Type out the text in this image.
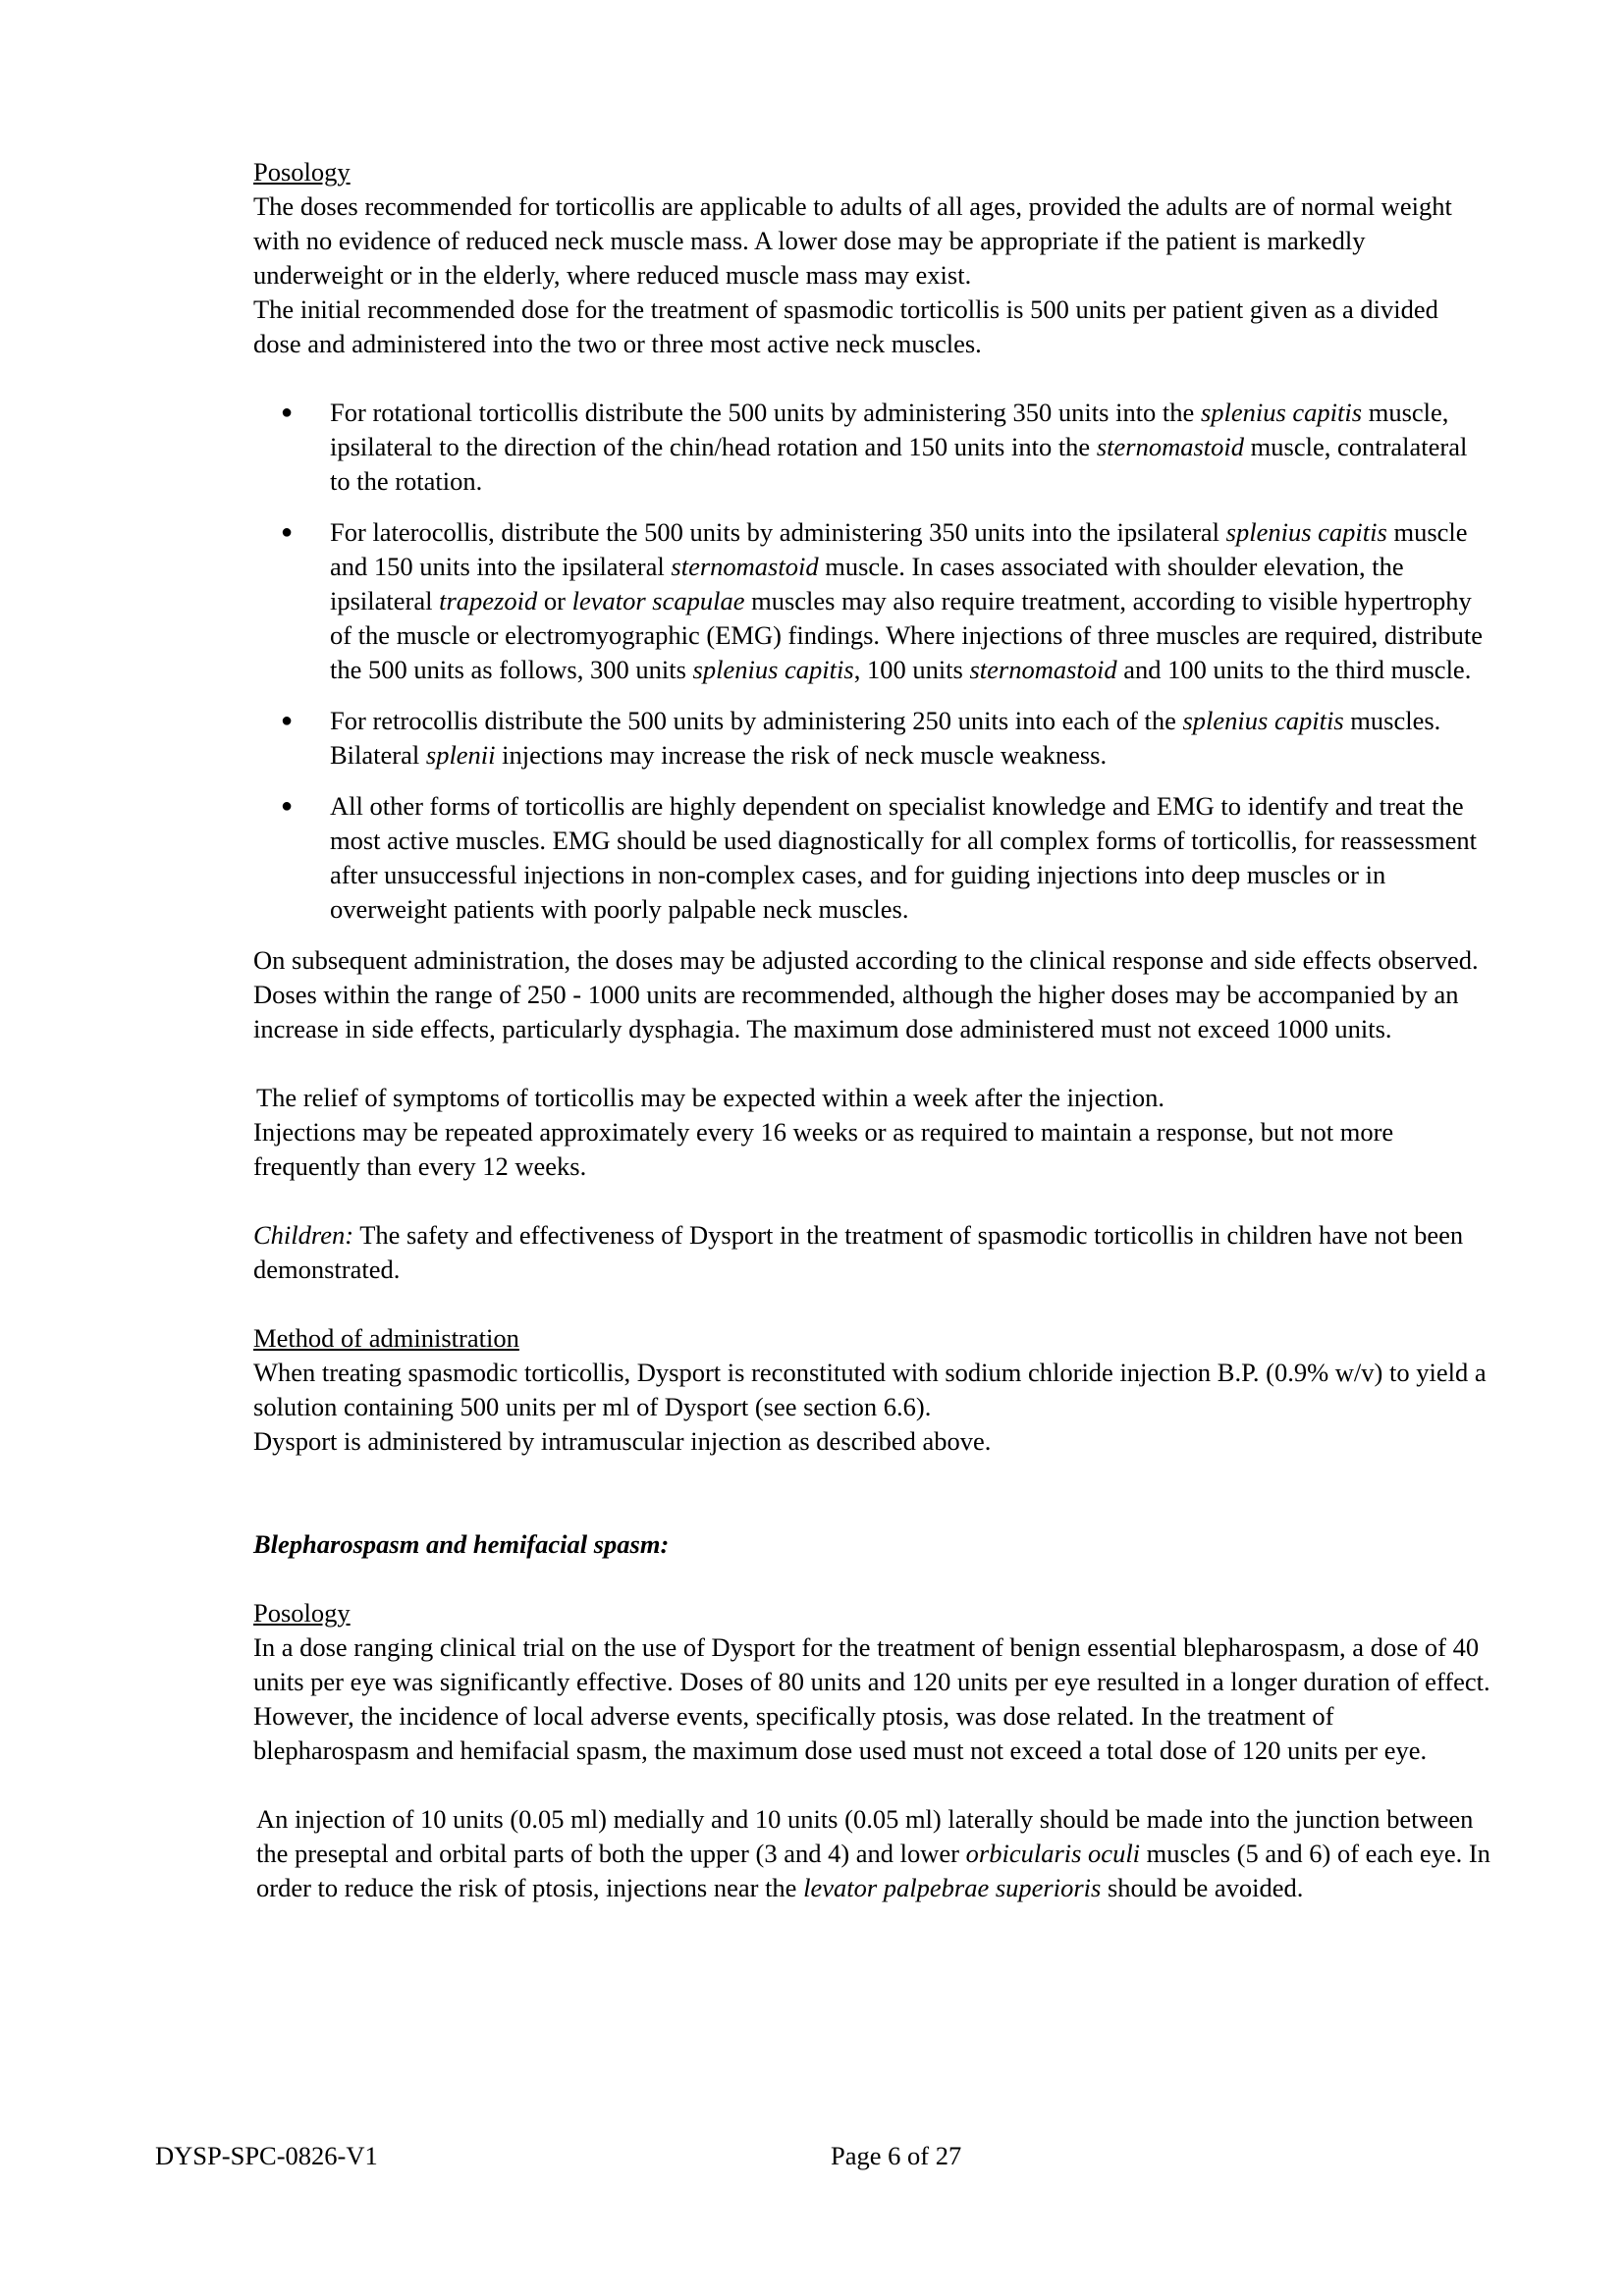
Posology

The doses recommended for torticollis are applicable to adults of all ages, provided the adults are of normal weight with no evidence of reduced neck muscle mass. A lower dose may be appropriate if the patient is markedly underweight or in the elderly, where reduced muscle mass may exist.

The initial recommended dose for the treatment of spasmodic torticollis is 500 units per patient given as a divided dose and administered into the two or three most active neck muscles.

● For rotational torticollis distribute the 500 units by administering 350 units into the splenius capitis muscle, ipsilateral to the direction of the chin/head rotation and 150 units into the sternomastoid muscle, contralateral to the rotation.
● For laterocollis, distribute the 500 units by administering 350 units into the ipsilateral splenius capitis muscle and 150 units into the ipsilateral sternomastoid muscle. In cases associated with shoulder elevation, the ipsilateral trapezoid or levator scapulae muscles may also require treatment, according to visible hypertrophy of the muscle or electromyographic (EMG) findings. Where injections of three muscles are required, distribute the 500 units as follows, 300 units splenius capitis, 100 units sternomastoid and 100 units to the third muscle.
● For retrocollis distribute the 500 units by administering 250 units into each of the splenius capitis muscles. Bilateral splenii injections may increase the risk of neck muscle weakness.
● All other forms of torticollis are highly dependent on specialist knowledge and EMG to identify and treat the most active muscles. EMG should be used diagnostically for all complex forms of torticollis, for reassessment after unsuccessful injections in non-complex cases, and for guiding injections into deep muscles or in overweight patients with poorly palpable neck muscles.

On subsequent administration, the doses may be adjusted according to the clinical response and side effects observed. Doses within the range of 250 - 1000 units are recommended, although the higher doses may be accompanied by an increase in side effects, particularly dysphagia. The maximum dose administered must not exceed 1000 units.

The relief of symptoms of torticollis may be expected within a week after the injection.

Injections may be repeated approximately every 16 weeks or as required to maintain a response, but not more frequently than every 12 weeks.

Children: The safety and effectiveness of Dysport in the treatment of spasmodic torticollis in children have not been demonstrated.

Method of administration

When treating spasmodic torticollis, Dysport is reconstituted with sodium chloride injection B.P. (0.9% w/v) to yield a solution containing 500 units per ml of Dysport (see section 6.6).

Dysport is administered by intramuscular injection as described above.

Blepharospasm and hemifacial spasm:

Posology

In a dose ranging clinical trial on the use of Dysport for the treatment of benign essential blepharospasm, a dose of 40 units per eye was significantly effective. Doses of 80 units and 120 units per eye resulted in a longer duration of effect. However, the incidence of local adverse events, specifically ptosis, was dose related. In the treatment of blepharospasm and hemifacial spasm, the maximum dose used must not exceed a total dose of 120 units per eye.

An injection of 10 units (0.05 ml) medially and 10 units (0.05 ml) laterally should be made into the junction between the preseptal and orbital parts of both the upper (3 and 4) and lower orbicularis oculi muscles (5 and 6) of each eye. In order to reduce the risk of ptosis, injections near the levator palpebrae superioris should be avoided.

DYSP-SPC-0826-V1	Page 6 of 27
